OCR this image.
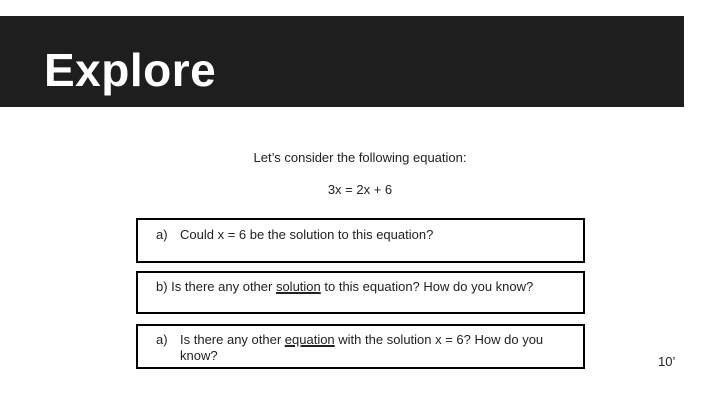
Explore
Let’s consider the following equation:
3x = 2x + 6
a) Could x = 6 be the solution to this equation?
b) Is there any other solution to this equation? How do you know?
a) Is there any other equation with the solution x = 6? How do you know?	10’
